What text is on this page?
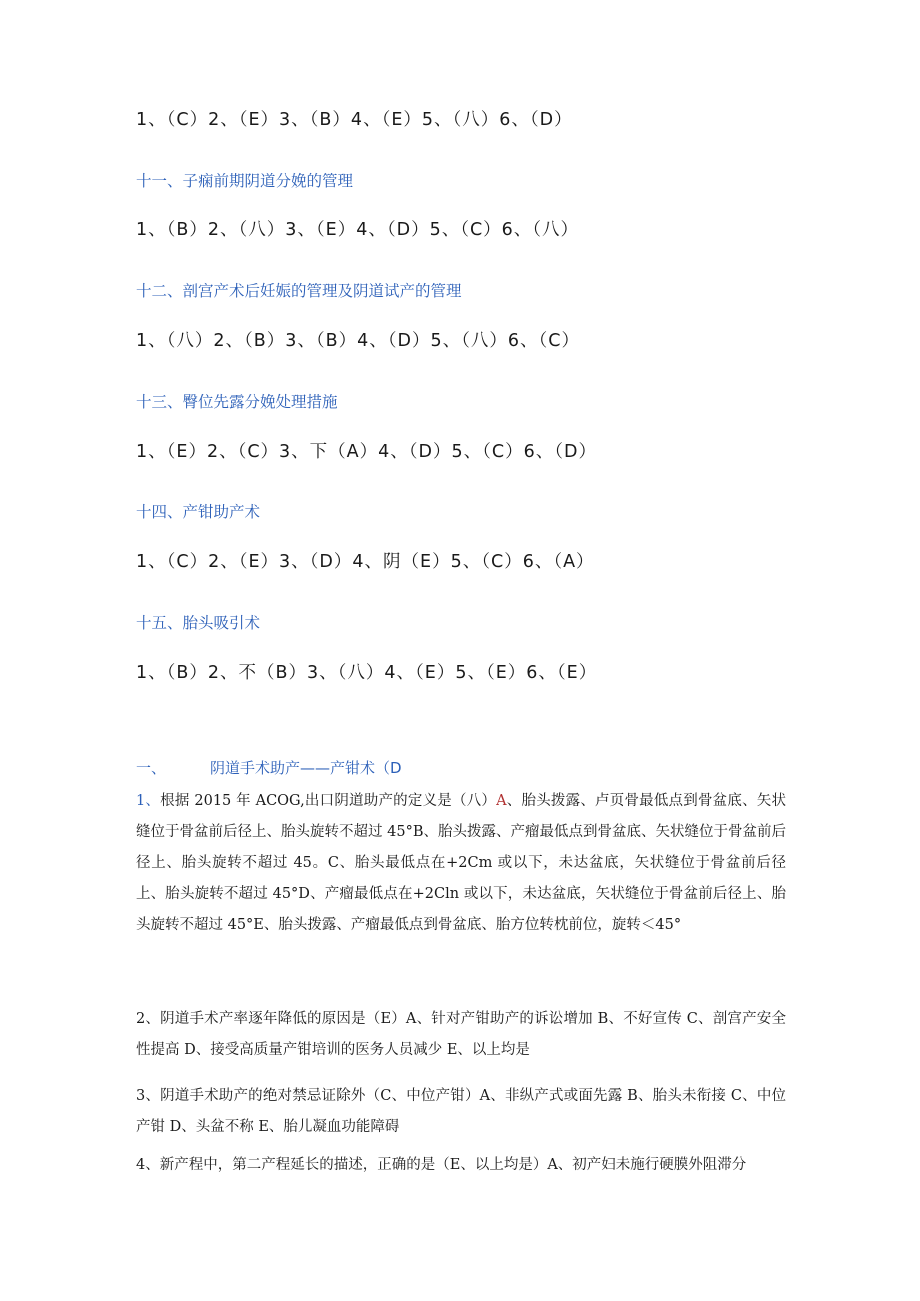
1、（C）2、（E）3、（B）4、（E）5、（八）6、（D）
十一、子痫前期阴道分娩的管理
1、（B）2、（八）3、（E）4、（D）5、（C）6、（八）
十二、剖宫产术后妊娠的管理及阴道试产的管理
1、（八）2、（B）3、（B）4、（D）5、（八）6、（C）
十三、臀位先露分娩处理措施
1、（E）2、（C）3、下（A）4、（D）5、（C）6、（D）
十四、产钳助产术
1、（C）2、（E）3、（D）4、阴（E）5、（C）6、（A）
十五、胎头吸引术
1、（B）2、不（B）3、（八）4、（E）5、（E）6、（E）
一、	阴道手术助产——产钳术（D
1、根据 2015 年 ACOG,出口阴道助产的定义是（八）A、胎头拨露、卢页骨最低点到骨盆底、矢状缝位于骨盆前后径上、胎头旋转不超过 45°B、胎头拨露、产瘤最低点到骨盆底、矢状缝位于骨盆前后径上、胎头旋转不超过 45。C、胎头最低点在+2Cm 或以下，未达盆底，矢状缝位于骨盆前后径上、胎头旋转不超过 45°D、产瘤最低点在+2Cln 或以下，未达盆底，矢状缝位于骨盆前后径上、胎头旋转不超过 45°E、胎头拨露、产瘤最低点到骨盆底、胎方位转枕前位，旋转＜45°
2、阴道手术产率逐年降低的原因是（E）A、针对产钳助产的诉讼增加 B、不好宣传 C、剖宫产安全性提高 D、接受高质量产钳培训的医务人员减少 E、以上均是
3、阴道手术助产的绝对禁忌证除外（C、中位产钳）A、非纵产式或面先露 B、胎头未衔接 C、中位产钳 D、头盆不称 E、胎儿凝血功能障碍
4、新产程中，第二产程延长的描述，正确的是（E、以上均是）A、初产妇未施行硬膜外阻滞分
